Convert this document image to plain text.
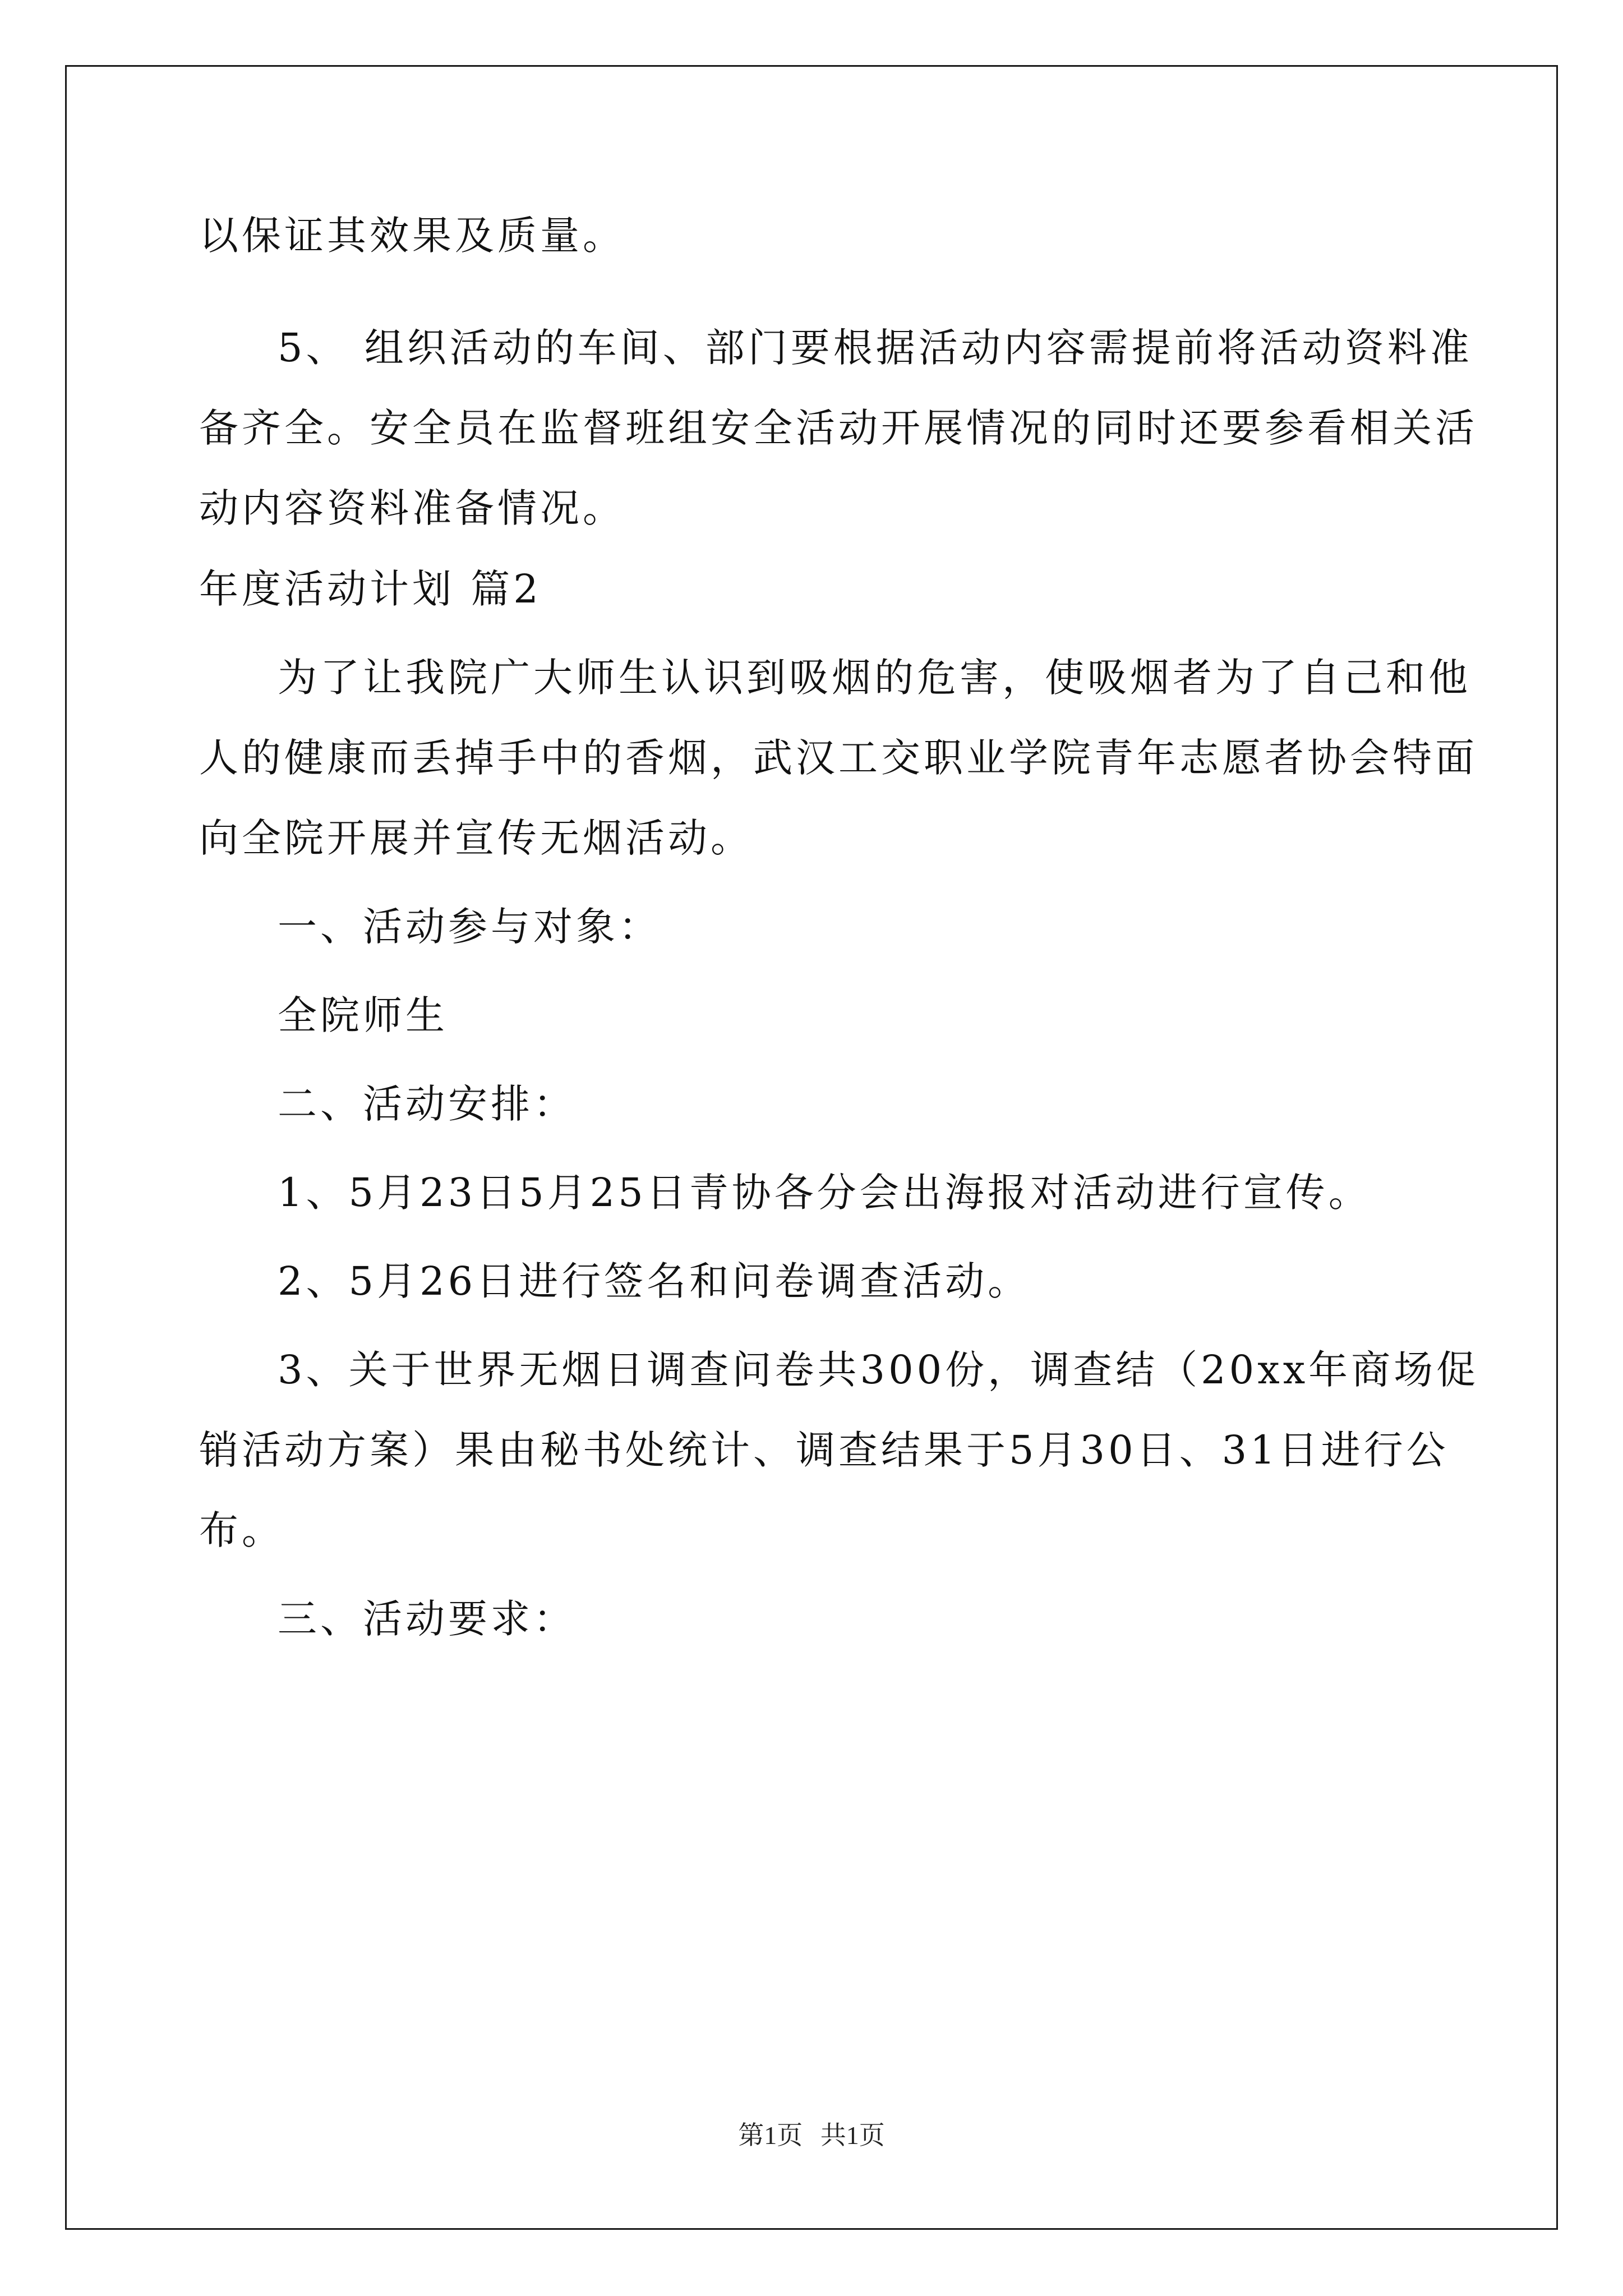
以保证其效果及质量。
5、 组织活动的车间、部门要根据活动内容需提前将活动资料准
备齐全。安全员在监督班组安全活动开展情况的同时还要参看相关活
动内容资料准备情况。
年度活动计划 篇2
为了让我院广大师生认识到吸烟的危害，使吸烟者为了自己和他
人的健康而丢掉手中的香烟，武汉工交职业学院青年志愿者协会特面
向全院开展并宣传无烟活动。
一、活动参与对象：
全院师生
二、活动安排：
1、5月23日5月25日青协各分会出海报对活动进行宣传。
2、5月26日进行签名和问卷调查活动。
3、关于世界无烟日调查问卷共300份，调查结（20xx年商场促
销活动方案）果由秘书处统计、调查结果于5月30日、31日进行公
布。
三、活动要求：
第1页 共1页
